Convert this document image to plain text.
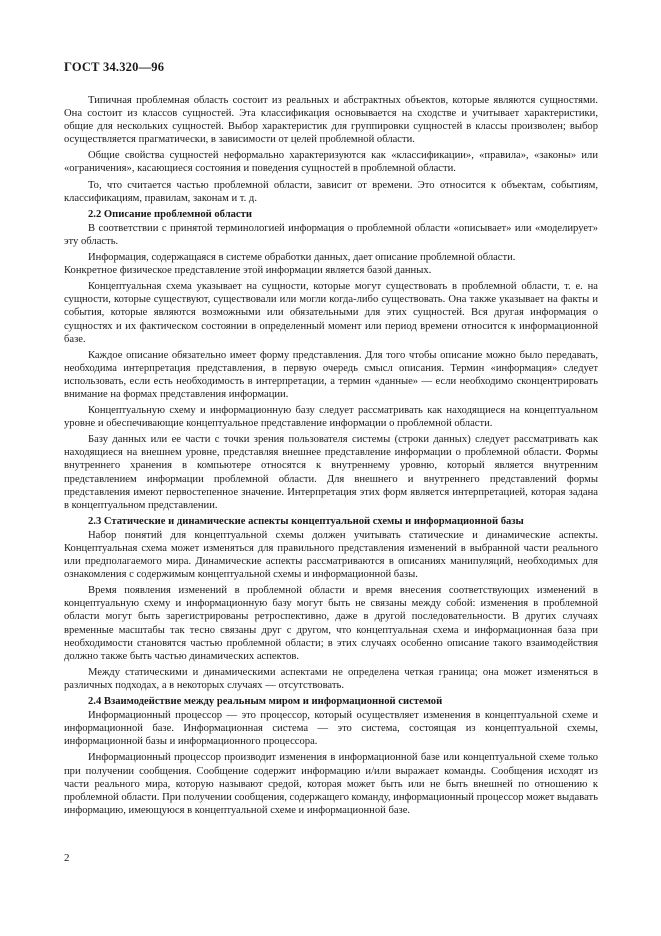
ГОСТ 34.320—96

Типичная проблемная область состоит из реальных и абстрактных объектов, которые являются сущностями. Она состоит из классов сущностей. Эта классификация основывается на сходстве и учитывает характеристики, общие для нескольких сущностей. Выбор характеристик для группировки сущностей в классы произволен; выбор осуществляется прагматически, в зависимости от целей проблемной области.

Общие свойства сущностей неформально характеризуются как «классификации», «правила», «законы» или «ограничения», касающиеся состояния и поведения сущностей в проблемной области.

То, что считается частью проблемной области, зависит от времени. Это относится к объектам, событиям, классификациям, правилам, законам и т. д.

2.2 Описание проблемной области

В соответствии с принятой терминологией информация о проблемной области «описывает» или «моделирует» эту область.

Информация, содержащаяся в системе обработки данных, дает описание проблемной области.

Конкретное физическое представление этой информации является базой данных.

Концептуальная схема указывает на сущности, которые могут существовать в проблемной области, т. е. на сущности, которые существуют, существовали или могли когда-либо существовать. Она также указывает на факты и события, которые являются возможными или обязательными для этих сущностей. Вся другая информация о сущностях и их фактическом состоянии в определенный момент или период времени относится к информационной базе.

Каждое описание обязательно имеет форму представления. Для того чтобы описание можно было передавать, необходима интерпретация представления, в первую очередь смысл описания. Термин «информация» следует использовать, если есть необходимость в интерпретации, а термин «данные» — если необходимо сконцентрировать внимание на формах представления информации.

Концептуальную схему и информационную базу следует рассматривать как находящиеся на концептуальном уровне и обеспечивающие концептуальное представление информации о проблемной области.

Базу данных или ее части с точки зрения пользователя системы (строки данных) следует рассматривать как находящиеся на внешнем уровне, представляя внешнее представление информации о проблемной области. Формы внутреннего хранения в компьютере относятся к внутреннему уровню, который является внутренним представлением информации проблемной области. Для внешнего и внутреннего представлений формы представления имеют первостепенное значение. Интерпретация этих форм является интерпретацией, которая задана в концептуальном представлении.

2.3 Статические и динамические аспекты концептуальной схемы и информационной базы

Набор понятий для концептуальной схемы должен учитывать статические и динамические аспекты. Концептуальная схема может изменяться для правильного представления изменений в выбранной части реального или предполагаемого мира. Динамические аспекты рассматриваются в описаниях манипуляций, необходимых для ознакомления с содержимым концептуальной схемы и информационной базы.

Время появления изменений в проблемной области и время внесения соответствующих изменений в концептуальную схему и информационную базу могут быть не связаны между собой: изменения в проблемной области могут быть зарегистрированы ретроспективно, даже в другой последовательности. В других случаях временные масштабы так тесно связаны друг с другом, что концептуальная схема и информационная база при необходимости становятся частью проблемной области; в этих случаях особенно описание такого взаимодействия должно также быть частью динамических аспектов.

Между статическими и динамическими аспектами не определена четкая граница; она может изменяться в различных подходах, а в некоторых случаях — отсутствовать.

2.4 Взаимодействие между реальным миром и информационной системой

Информационный процессор — это процессор, который осуществляет изменения в концептуальной схеме и информационной базе. Информационная система — это система, состоящая из концептуальной схемы, информационной базы и информационного процессора.

Информационный процессор производит изменения в информационной базе или концептуальной схеме только при получении сообщения. Сообщение содержит информацию и/или выражает команды. Сообщения исходят из части реального мира, которую называют средой, которая может быть или не быть внешней по отношению к проблемной области. При получении сообщения, содержащего команду, информационный процессор может выдавать информацию, имеющуюся в концептуальной схеме и информационной базе.

2
